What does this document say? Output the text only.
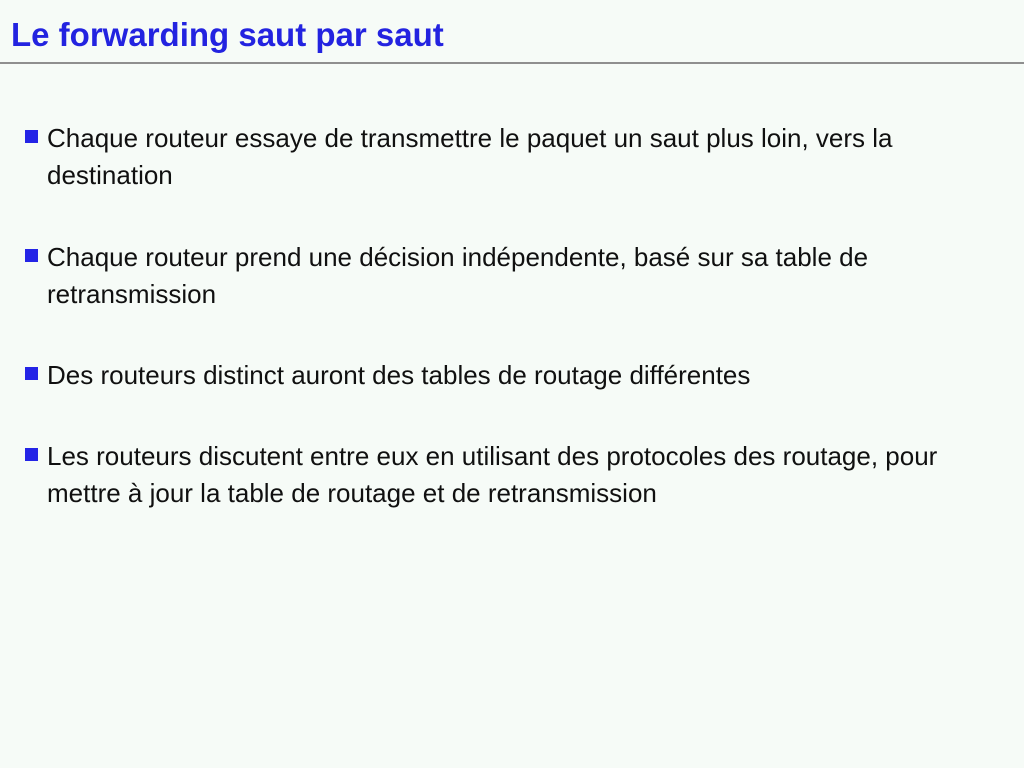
Le forwarding saut par saut
Chaque routeur essaye de transmettre le paquet un saut plus loin, vers la destination
Chaque routeur prend une décision indépendente, basé sur sa table de retransmission
Des routeurs distinct auront des tables de routage différentes
Les routeurs discutent entre eux en utilisant des protocoles des routage, pour mettre à jour la table de routage et de retransmission
